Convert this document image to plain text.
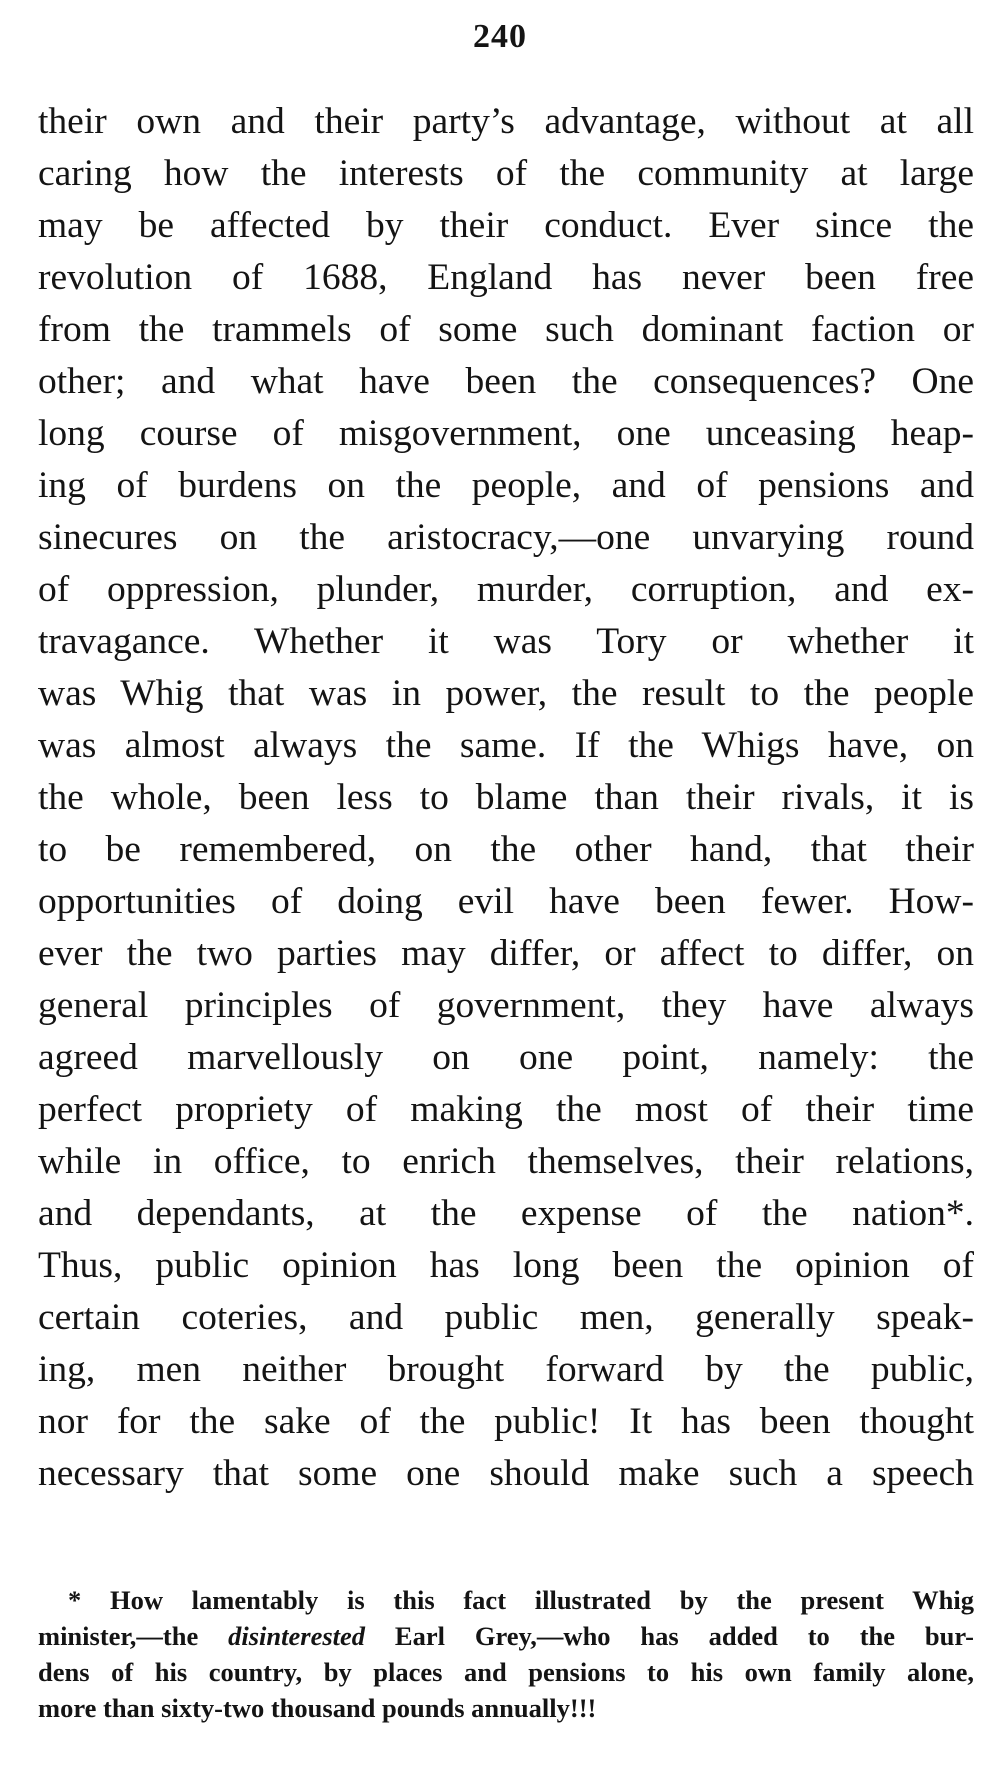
240
their own and their party’s advantage, without at all
caring how the interests of the community at large
may be affected by their conduct. Ever since the
revolution of 1688, England has never been free
from the trammels of some such dominant faction or
other; and what have been the consequences? One
long course of misgovernment, one unceasing heap-
ing of burdens on the people, and of pensions and
sinecures on the aristocracy,—one unvarying round
of oppression, plunder, murder, corruption, and ex-
travagance. Whether it was Tory or whether it
was Whig that was in power, the result to the people
was almost always the same. If the Whigs have, on
the whole, been less to blame than their rivals, it is
to be remembered, on the other hand, that their
opportunities of doing evil have been fewer. How-
ever the two parties may differ, or affect to differ, on
general principles of government, they have always
agreed marvellously on one point, namely: the
perfect propriety of making the most of their time
while in office, to enrich themselves, their relations,
and dependants, at the expense of the nation*.
Thus, public opinion has long been the opinion of
certain coteries, and public men, generally speak-
ing, men neither brought forward by the public,
nor for the sake of the public! It has been thought
necessary that some one should make such a speech
* How lamentably is this fact illustrated by the present Whig
minister,—the disinterested Earl Grey,—who has added to the bur-
dens of his country, by places and pensions to his own family alone,
more than sixty-two thousand pounds annually!!!
